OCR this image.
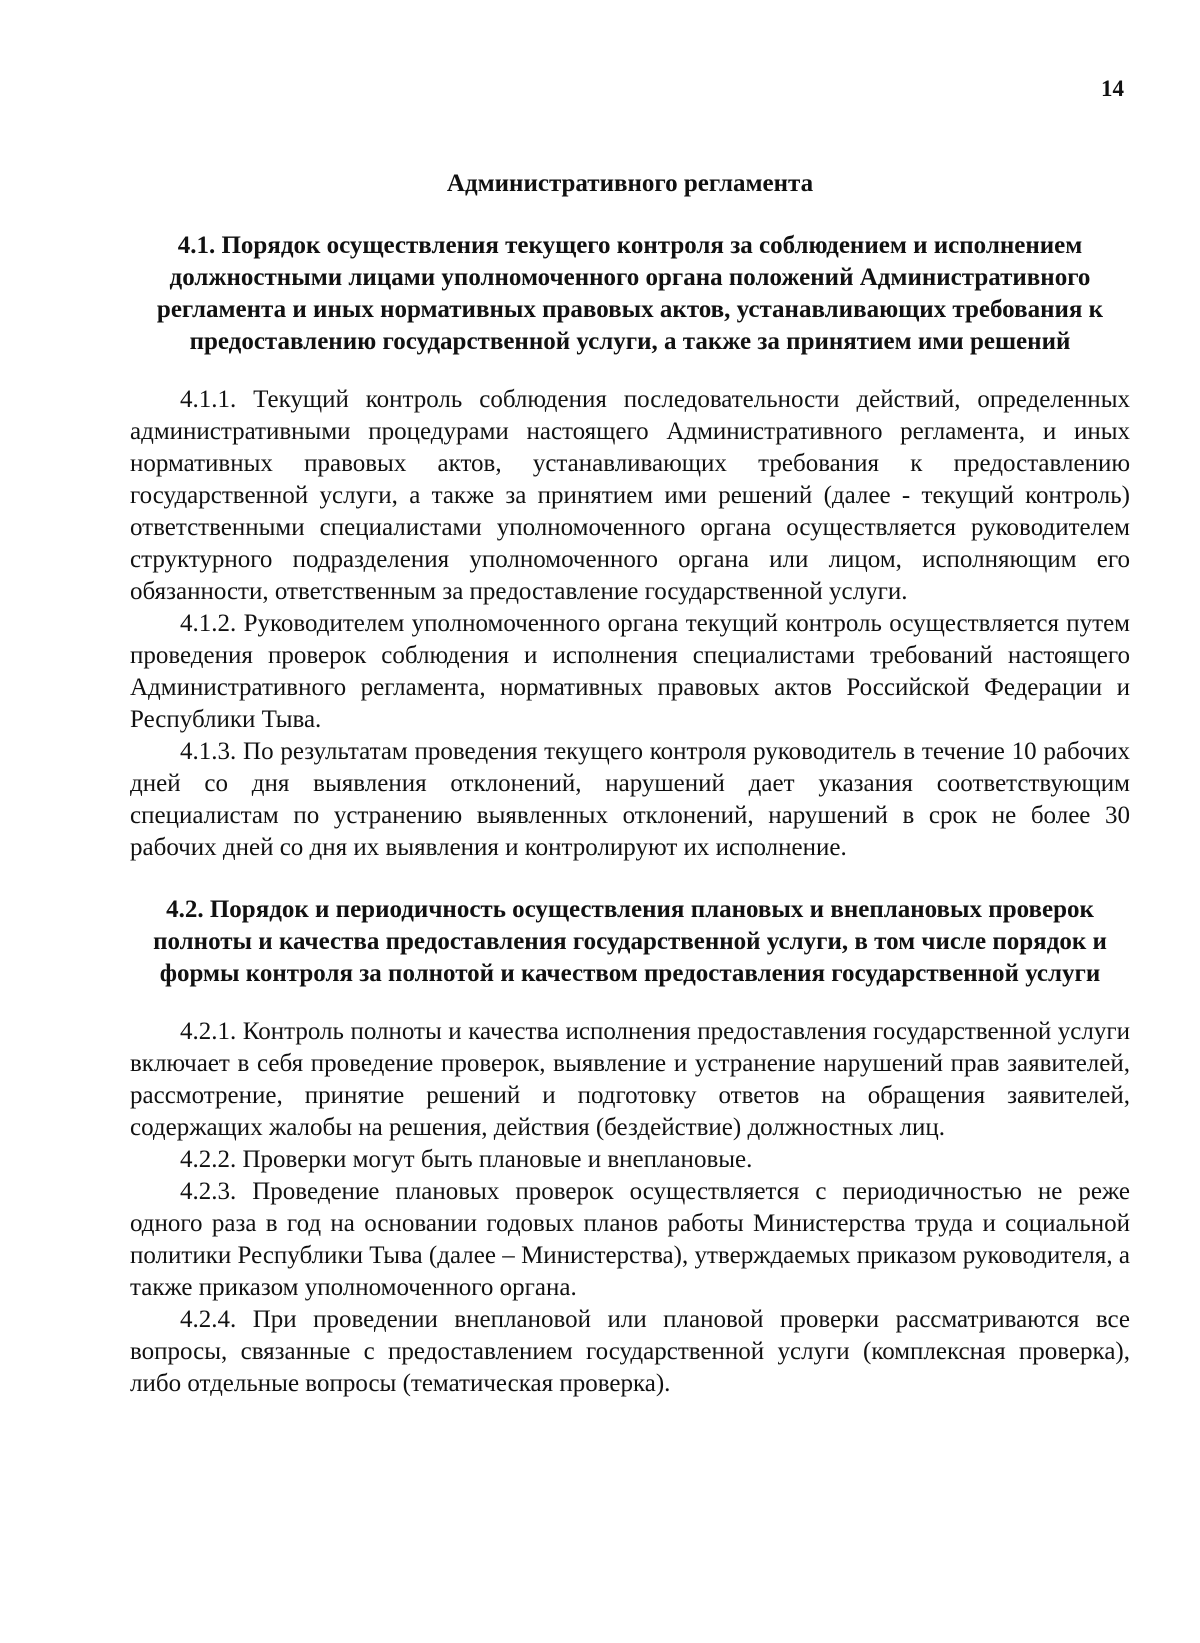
14
Административного регламента
4.1. Порядок осуществления текущего контроля за соблюдением и исполнением должностными лицами уполномоченного органа положений Административного регламента и иных нормативных правовых актов, устанавливающих требования к предоставлению государственной услуги, а также за принятием ими решений

4.1.1. Текущий контроль соблюдения последовательности действий, определенных административными процедурами настоящего Административного регламента, и иных нормативных правовых актов, устанавливающих требования к предоставлению государственной услуги, а также за принятием ими решений (далее - текущий контроль) ответственными специалистами уполномоченного органа осуществляется руководителем структурного подразделения уполномоченного органа или лицом, исполняющим его обязанности, ответственным за предоставление государственной услуги.

4.1.2. Руководителем уполномоченного органа текущий контроль осуществляется путем проведения проверок соблюдения и исполнения специалистами требований настоящего Административного регламента, нормативных правовых актов Российской Федерации и Республики Тыва.

4.1.3. По результатам проведения текущего контроля руководитель в течение 10 рабочих дней со дня выявления отклонений, нарушений дает указания соответствующим специалистам по устранению выявленных отклонений, нарушений в срок не более 30 рабочих дней со дня их выявления и контролируют их исполнение.

4.2. Порядок и периодичность осуществления плановых и внеплановых проверок полноты и качества предоставления государственной услуги, в том числе порядок и формы контроля за полнотой и качеством предоставления государственной услуги

4.2.1. Контроль полноты и качества исполнения предоставления государственной услуги включает в себя проведение проверок, выявление и устранение нарушений прав заявителей, рассмотрение, принятие решений и подготовку ответов на обращения заявителей, содержащих жалобы на решения, действия (бездействие) должностных лиц.

4.2.2. Проверки могут быть плановые и внеплановые.

4.2.3. Проведение плановых проверок осуществляется с периодичностью не реже одного раза в год на основании годовых планов работы Министерства труда и социальной политики Республики Тыва (далее – Министерства), утверждаемых приказом руководителя, а также приказом уполномоченного органа.

4.2.4. При проведении внеплановой или плановой проверки рассматриваются все вопросы, связанные с предоставлением государственной услуги (комплексная проверка), либо отдельные вопросы (тематическая проверка).
